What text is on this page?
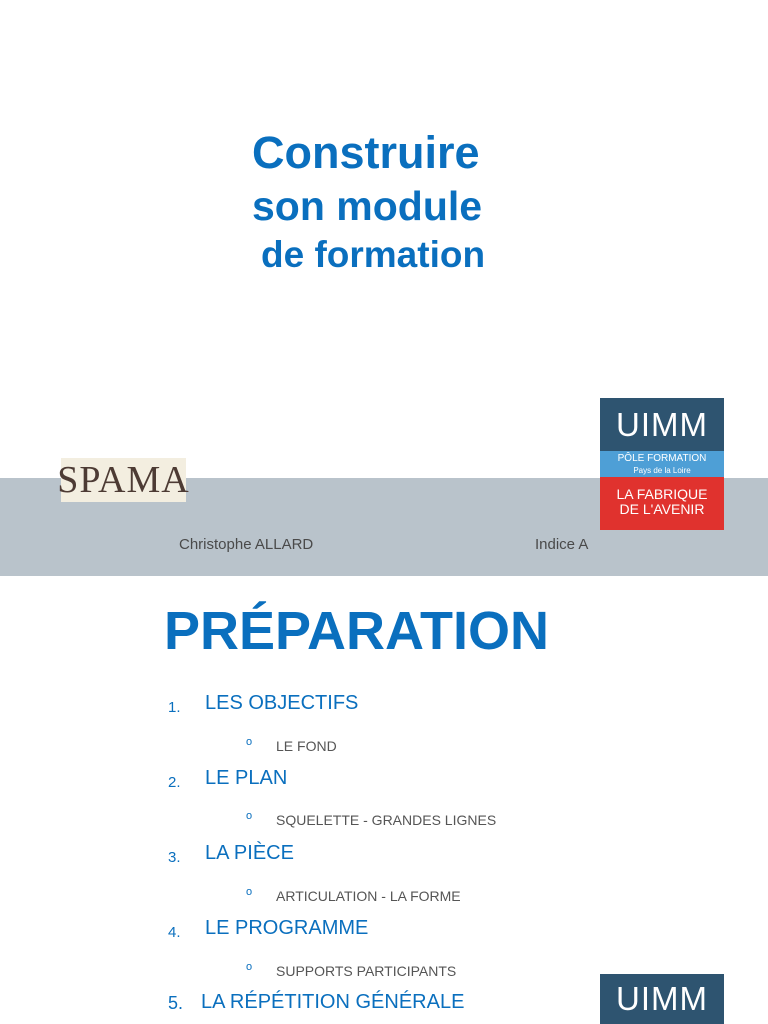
Construire
son module
de formation
Christophe ALLARD	Indice A
SPAMA
UIMM
PÔLE FORMATION
Pays de la Loire
LA FABRIQUE
DE L'AVENIR
PRÉPARATION
1. LES OBJECTIFS
o LE FOND
2. LE PLAN
o SQUELETTE - GRANDES LIGNES
3. LA PIÈCE
o ARTICULATION - LA FORME
4. LE PROGRAMME
o SUPPORTS PARTICIPANTS
5. LA RÉPÉTITION GÉNÉRALE	UIMM
